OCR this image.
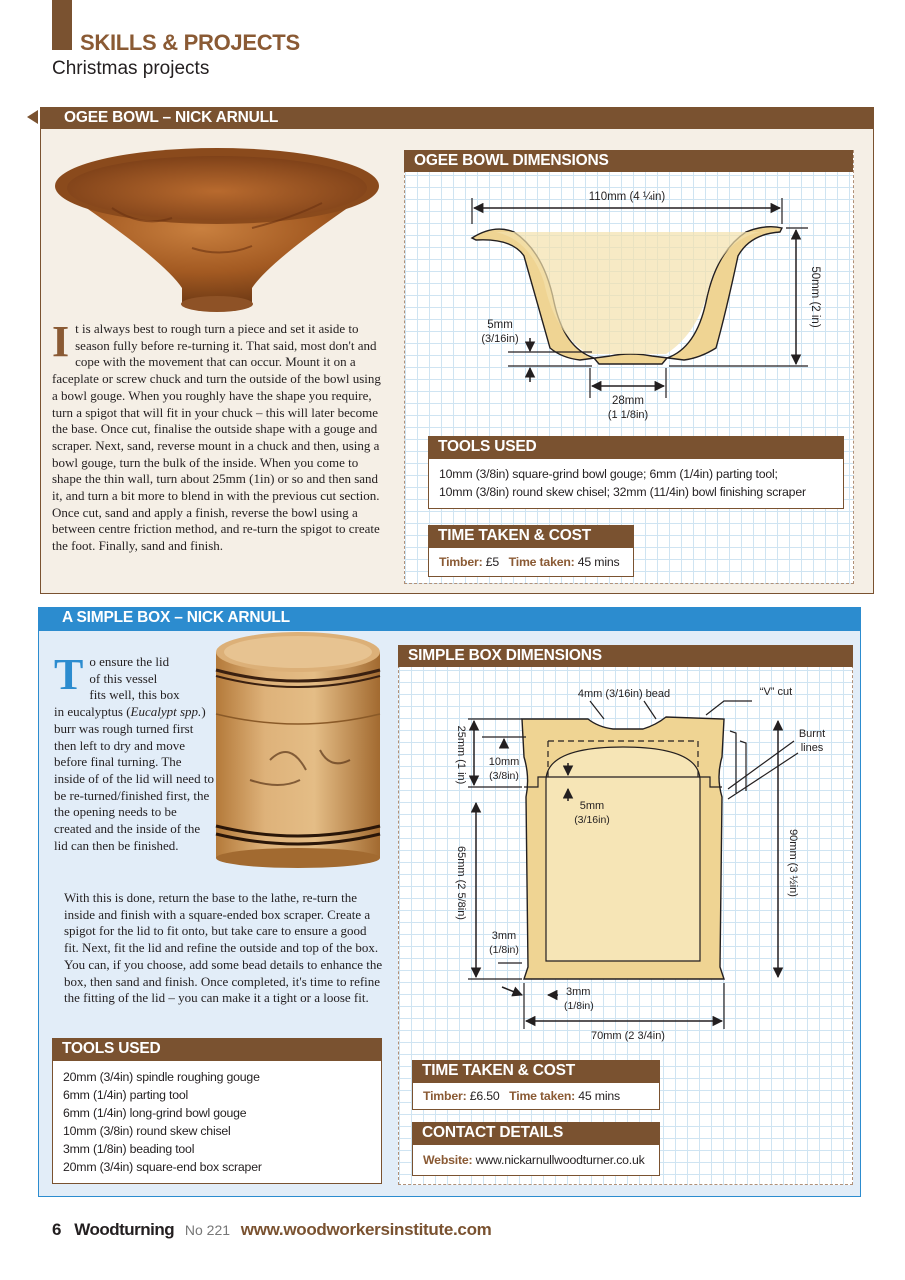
SKILLS & PROJECTS
Christmas projects
OGEE BOWL – NICK ARNULL
It is always best to rough turn a piece and set it aside to season fully before re-turning it. That said, most don't and cope with the movement that can occur. Mount it on a faceplate or screw chuck and turn the outside of the bowl using a bowl gouge. When you roughly have the shape you require, turn a spigot that will fit in your chuck – this will later become the base. Once cut, finalise the outside shape with a gouge and scraper. Next, sand, reverse mount in a chuck and then, using a bowl gouge, turn the bulk of the inside. When you come to shape the thin wall, turn about 25mm (1in) or so and then sand it, and turn a bit more to blend in with the previous cut section. Once cut, sand and apply a finish, reverse the bowl using a between centre friction method, and re-turn the spigot to create the foot. Finally, sand and finish.
OGEE BOWL DIMENSIONS
110mm (4 ¼in)
50mm (2 in)
5mm
(3/16in)
28mm
(1 1/8in)
TOOLS USED
10mm (3/8in) square-grind bowl gouge; 6mm (1/4in) parting tool;
10mm (3/8in) round skew chisel; 32mm (11/4in) bowl finishing scraper
TIME TAKEN & COST
Timber: £5 Time taken: 45 mins
A SIMPLE BOX – NICK ARNULL
To ensure the lid
of this vessel
fits well, this box
in eucalyptus (Eucalypt spp.) burr was rough turned first then left to dry and move before final turning. The inside of of the lid will need to be re-turned/finished first, the the opening needs to be created and the inside of the lid can then be finished.
With this is done, return the base to the lathe, re-turn the inside and finish with a square-ended box scraper. Create a spigot for the lid to fit onto, but take care to ensure a good fit. Next, fit the lid and refine the outside and top of the box. You can, if you choose, add some bead details to enhance the box, then sand and finish. Once completed, it's time to refine the fitting of the lid – you can make it a tight or a loose fit.
TOOLS USED
20mm (3/4in) spindle roughing gouge
6mm (1/4in) parting tool
6mm (1/4in) long-grind bowl gouge
10mm (3/8in) round skew chisel
3mm (1/8in) beading tool
20mm (3/4in) square-end box scraper
SIMPLE BOX DIMENSIONS
4mm (3/16in) bead	“V” cut
Burnt
lines
25mm (1 in) 10mm
(3/8in)
5mm
(3/16in)
90mm (3 ½in)
65mm (2 5/8in)
3mm
(1/8in)
3mm
(1/8in)
70mm (2 3/4in)
TIME TAKEN & COST
Timber: £6.50 Time taken: 45 mins
CONTACT DETAILS
Website: www.nickarnullwoodturner.co.uk
6 Woodturning No 221 www.woodworkersinstitute.com
